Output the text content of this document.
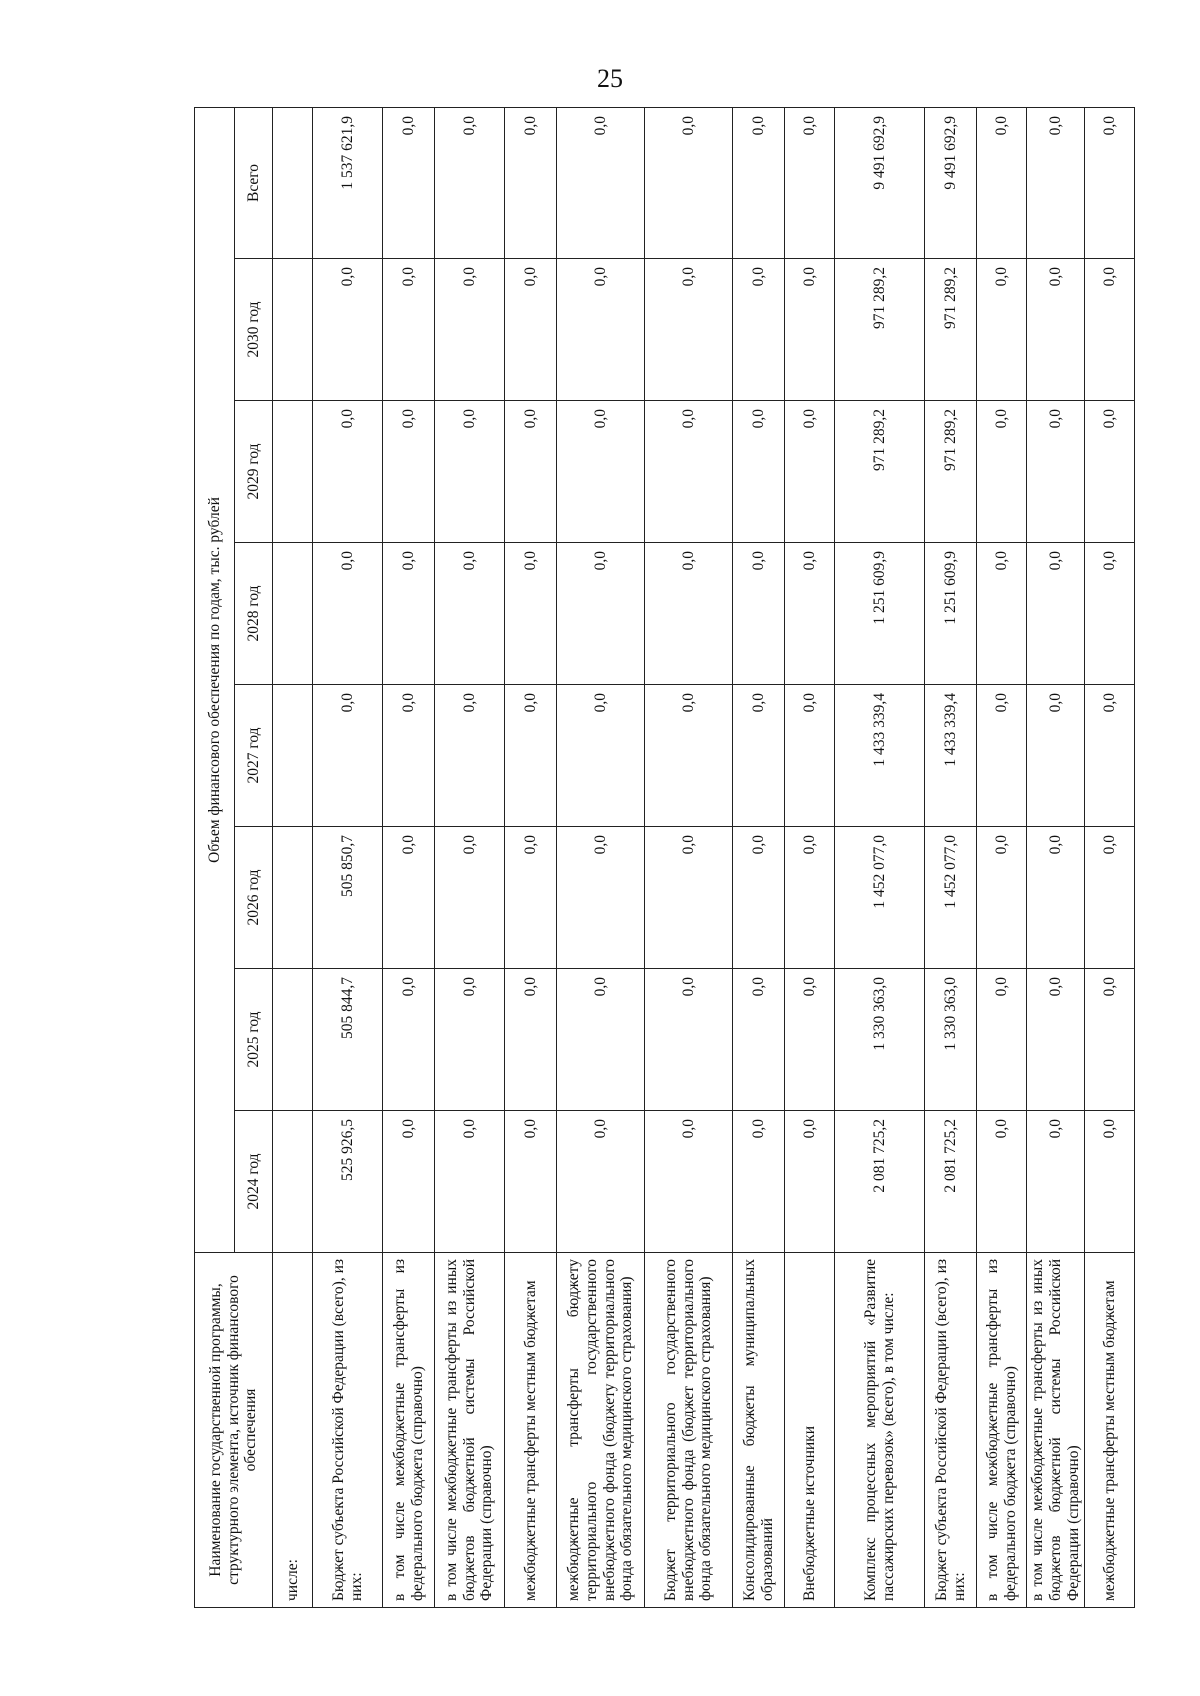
25
Наименование государственной программы, структурного элемента, источник финансового обеспечения	Объем финансового обеспечения по годам, тыс. рублей							
	2024 год	2025 год	2026 год	2027 год	2028 год	2029 год	2030 год	Всего
числе:								
Бюджет субъекта Российской Федерации (всего), из них:	525 926,5	505 844,7	505 850,7	0,0	0,0	0,0	0,0	1 537 621,9
в том числе межбюджетные трансферты из федерального бюджета (справочно)	0,0	0,0	0,0	0,0	0,0	0,0	0,0	0,0
в том числе межбюджетные трансферты из иных бюджетов бюджетной системы Российской Федерации (справочно)	0,0	0,0	0,0	0,0	0,0	0,0	0,0	0,0
межбюджетные трансферты местным бюджетам	0,0	0,0	0,0	0,0	0,0	0,0	0,0	0,0
межбюджетные трансферты бюджету территориального государственного внебюджетного фонда (бюджету территориального фонда обязательного медицинского страхования)	0,0	0,0	0,0	0,0	0,0	0,0	0,0	0,0
Бюджет территориального государственного внебюджетного фонда (бюджет территориального фонда обязательного медицинского страхования)	0,0	0,0	0,0	0,0	0,0	0,0	0,0	0,0
Консолидированные бюджеты муниципальных образований	0,0	0,0	0,0	0,0	0,0	0,0	0,0	0,0
Внебюджетные источники	0,0	0,0	0,0	0,0	0,0	0,0	0,0	0,0
Комплекс процессных мероприятий «Развитие пассажирских перевозок» (всего), в том числе:	2 081 725,2	1 330 363,0	1 452 077,0	1 433 339,4	1 251 609,9	971 289,2	971 289,2	9 491 692,9
Бюджет субъекта Российской Федерации (всего), из них:	2 081 725,2	1 330 363,0	1 452 077,0	1 433 339,4	1 251 609,9	971 289,2	971 289,2	9 491 692,9
в том числе межбюджетные трансферты из федерального бюджета (справочно)	0,0	0,0	0,0	0,0	0,0	0,0	0,0	0,0
в том числе межбюджетные трансферты из иных бюджетов бюджетной системы Российской Федерации (справочно)	0,0	0,0	0,0	0,0	0,0	0,0	0,0	0,0
межбюджетные трансферты местным бюджетам	0,0	0,0	0,0	0,0	0,0	0,0	0,0	0,0
